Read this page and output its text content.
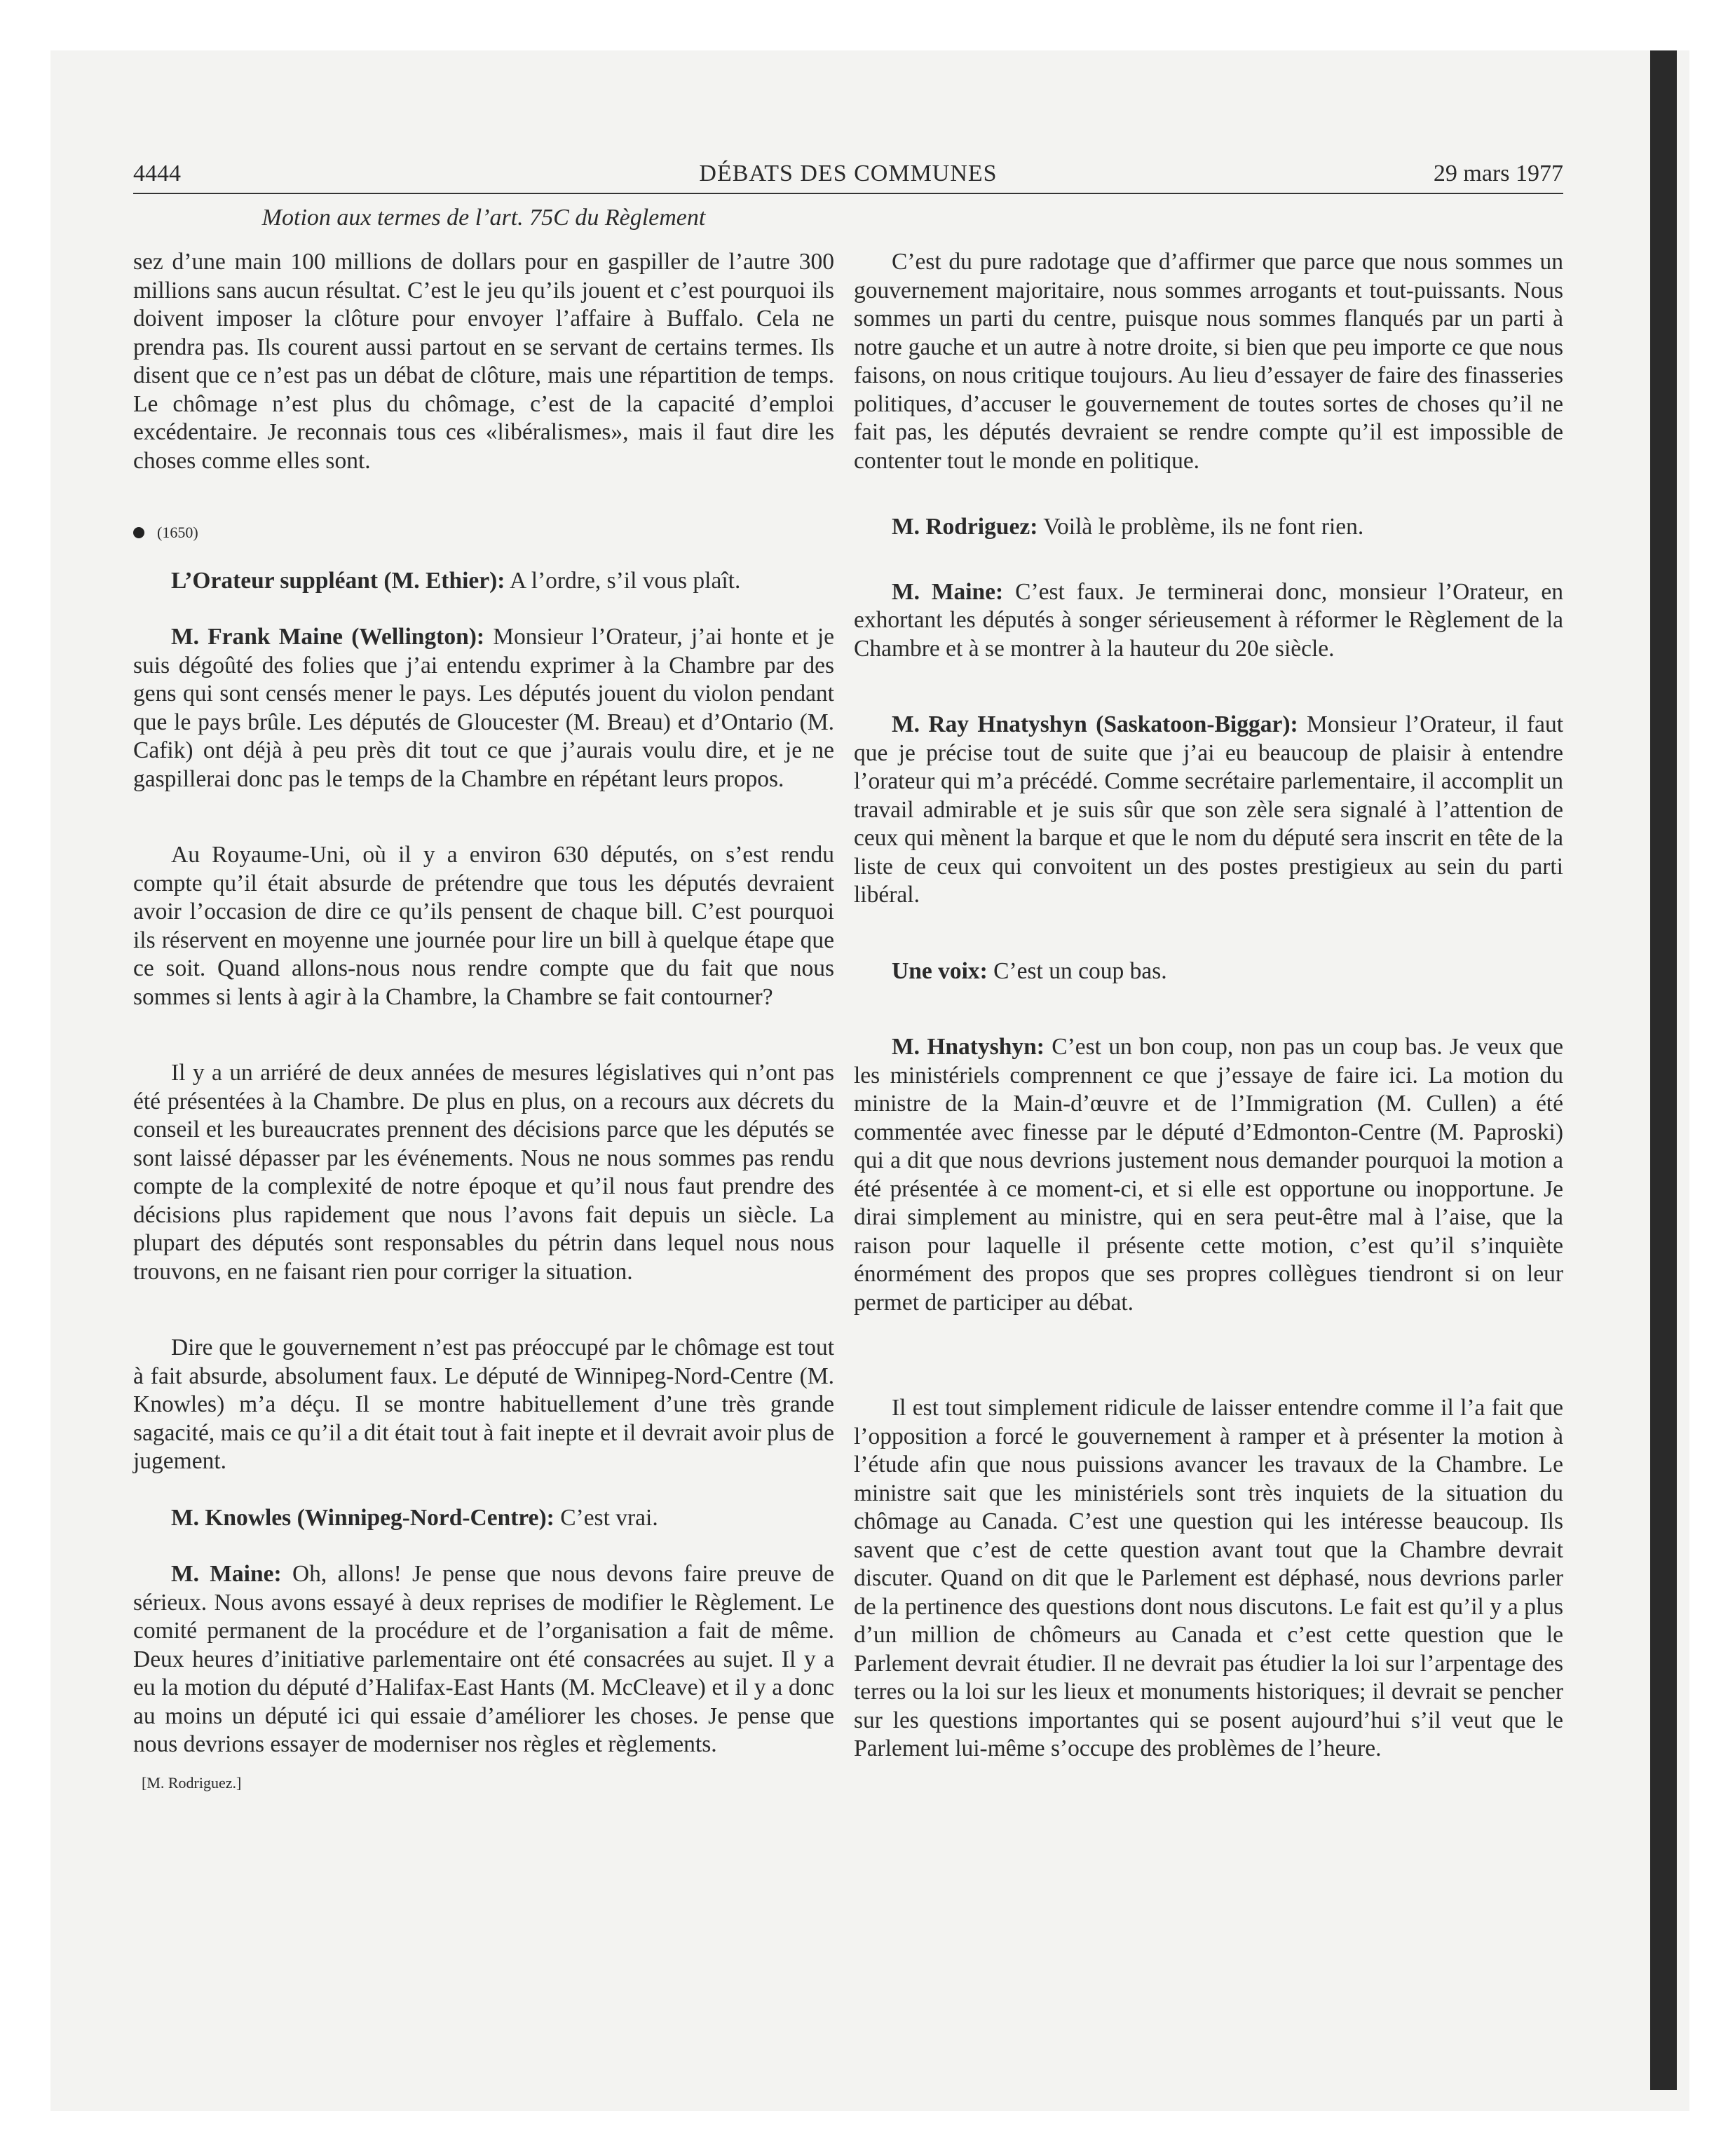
4444	DÉBATS DES COMMUNES	29 mars 1977
Motion aux termes de l’art. 75C du Règlement

sez d’une main 100 millions de dollars pour en gaspiller de l’autre 300 millions sans aucun résultat. C’est le jeu qu’ils jouent et c’est pourquoi ils doivent imposer la clôture pour envoyer l’affaire à Buffalo. Cela ne prendra pas. Ils courent aussi partout en se servant de certains termes. Ils disent que ce n’est pas un débat de clôture, mais une répartition de temps. Le chômage n’est plus du chômage, c’est de la capacité d’emploi excédentaire. Je reconnais tous ces «libéralismes», mais il faut dire les choses comme elles sont.

(1650)

L’Orateur suppléant (M. Ethier): A l’ordre, s’il vous plaît.

M. Frank Maine (Wellington): Monsieur l’Orateur, j’ai honte et je suis dégoûté des folies que j’ai entendu exprimer à la Chambre par des gens qui sont censés mener le pays. Les députés jouent du violon pendant que le pays brûle. Les députés de Gloucester (M. Breau) et d’Ontario (M. Cafik) ont déjà à peu près dit tout ce que j’aurais voulu dire, et je ne gaspillerai donc pas le temps de la Chambre en répétant leurs propos.

Au Royaume-Uni, où il y a environ 630 députés, on s’est rendu compte qu’il était absurde de prétendre que tous les députés devraient avoir l’occasion de dire ce qu’ils pensent de chaque bill. C’est pourquoi ils réservent en moyenne une journée pour lire un bill à quelque étape que ce soit. Quand allons-nous nous rendre compte que du fait que nous sommes si lents à agir à la Chambre, la Chambre se fait contourner?

Il y a un arriéré de deux années de mesures législatives qui n’ont pas été présentées à la Chambre. De plus en plus, on a recours aux décrets du conseil et les bureaucrates prennent des décisions parce que les députés se sont laissé dépasser par les événements. Nous ne nous sommes pas rendu compte de la complexité de notre époque et qu’il nous faut prendre des décisions plus rapidement que nous l’avons fait depuis un siècle. La plupart des députés sont responsables du pétrin dans lequel nous nous trouvons, en ne faisant rien pour corriger la situation.

Dire que le gouvernement n’est pas préoccupé par le chômage est tout à fait absurde, absolument faux. Le député de Winnipeg-Nord-Centre (M. Knowles) m’a déçu. Il se montre habituellement d’une très grande sagacité, mais ce qu’il a dit était tout à fait inepte et il devrait avoir plus de jugement.

M. Knowles (Winnipeg-Nord-Centre): C’est vrai.

M. Maine: Oh, allons! Je pense que nous devons faire preuve de sérieux. Nous avons essayé à deux reprises de modifier le Règlement. Le comité permanent de la procédure et de l’organisation a fait de même. Deux heures d’initiative parlementaire ont été consacrées au sujet. Il y a eu la motion du député d’Halifax-East Hants (M. McCleave) et il y a donc au moins un député ici qui essaie d’améliorer les choses. Je pense que nous devrions essayer de moderniser nos règles et règlements.

[M. Rodriguez.]

C’est du pure radotage que d’affirmer que parce que nous sommes un gouvernement majoritaire, nous sommes arrogants et tout-puissants. Nous sommes un parti du centre, puisque nous sommes flanqués par un parti à notre gauche et un autre à notre droite, si bien que peu importe ce que nous faisons, on nous critique toujours. Au lieu d’essayer de faire des finasseries politiques, d’accuser le gouvernement de toutes sortes de choses qu’il ne fait pas, les députés devraient se rendre compte qu’il est impossible de contenter tout le monde en politique.

M. Rodriguez: Voilà le problème, ils ne font rien.

M. Maine: C’est faux. Je terminerai donc, monsieur l’Orateur, en exhortant les députés à songer sérieusement à réformer le Règlement de la Chambre et à se montrer à la hauteur du 20e siècle.

M. Ray Hnatyshyn (Saskatoon-Biggar): Monsieur l’Orateur, il faut que je précise tout de suite que j’ai eu beaucoup de plaisir à entendre l’orateur qui m’a précédé. Comme secrétaire parlementaire, il accomplit un travail admirable et je suis sûr que son zèle sera signalé à l’attention de ceux qui mènent la barque et que le nom du député sera inscrit en tête de la liste de ceux qui convoitent un des postes prestigieux au sein du parti libéral.

Une voix: C’est un coup bas.

M. Hnatyshyn: C’est un bon coup, non pas un coup bas. Je veux que les ministériels comprennent ce que j’essaye de faire ici. La motion du ministre de la Main-d’œuvre et de l’Immigration (M. Cullen) a été commentée avec finesse par le député d’Edmonton-Centre (M. Paproski) qui a dit que nous devrions justement nous demander pourquoi la motion a été présentée à ce moment-ci, et si elle est opportune ou inopportune. Je dirai simplement au ministre, qui en sera peut-être mal à l’aise, que la raison pour laquelle il présente cette motion, c’est qu’il s’inquiète énormément des propos que ses propres collègues tiendront si on leur permet de participer au débat.

Il est tout simplement ridicule de laisser entendre comme il l’a fait que l’opposition a forcé le gouvernement à ramper et à présenter la motion à l’étude afin que nous puissions avancer les travaux de la Chambre. Le ministre sait que les ministériels sont très inquiets de la situation du chômage au Canada. C’est une question qui les intéresse beaucoup. Ils savent que c’est de cette question avant tout que la Chambre devrait discuter. Quand on dit que le Parlement est déphasé, nous devrions parler de la pertinence des questions dont nous discutons. Le fait est qu’il y a plus d’un million de chômeurs au Canada et c’est cette question que le Parlement devrait étudier. Il ne devrait pas étudier la loi sur l’arpentage des terres ou la loi sur les lieux et monuments historiques; il devrait se pencher sur les questions importantes qui se posent aujourd’hui s’il veut que le Parlement lui-même s’occupe des problèmes de l’heure.
